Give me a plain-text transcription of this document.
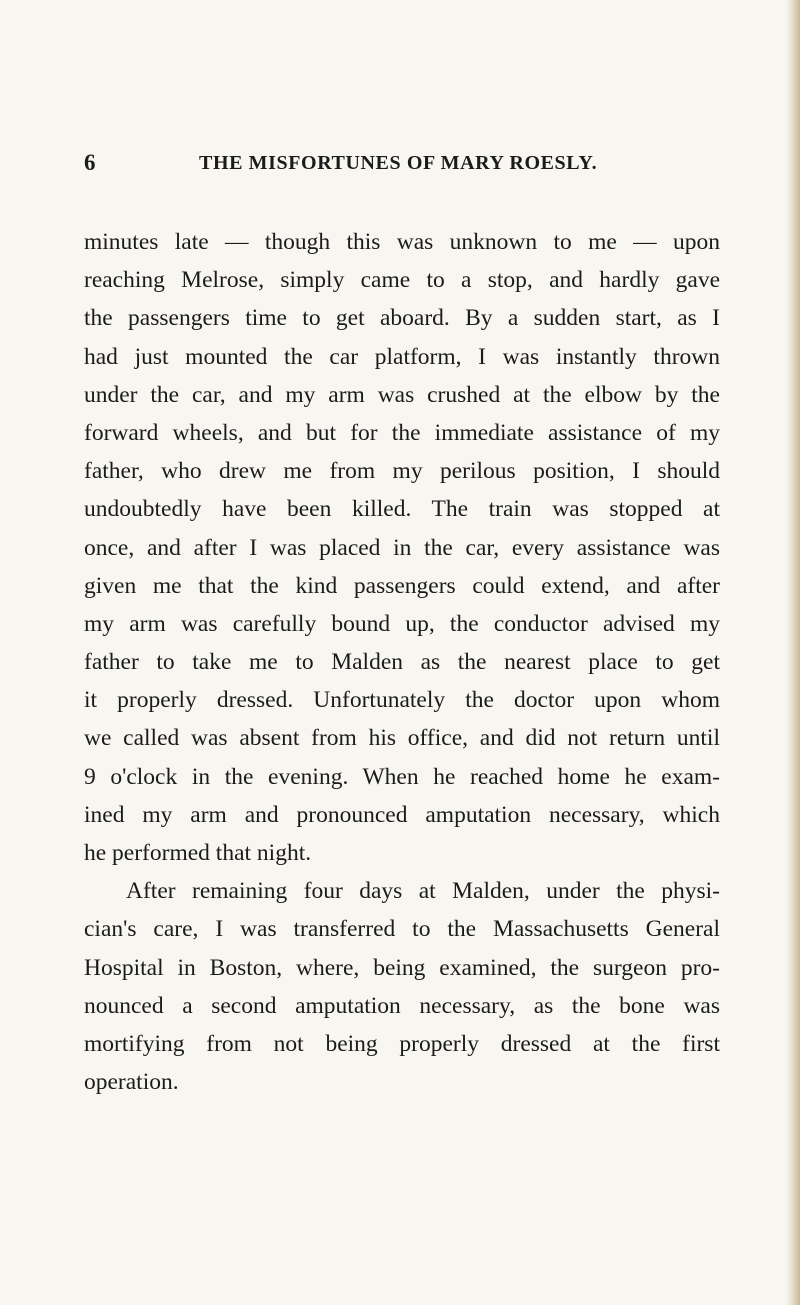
6	THE MISFORTUNES OF MARY ROESLY.
minutes late — though this was unknown to me — upon
reaching Melrose, simply came to a stop, and hardly gave
the passengers time to get aboard. By a sudden start, as I
had just mounted the car platform, I was instantly thrown
under the car, and my arm was crushed at the elbow by the
forward wheels, and but for the immediate assistance of my
father, who drew me from my perilous position, I should
undoubtedly have been killed. The train was stopped at
once, and after I was placed in the car, every assistance was
given me that the kind passengers could extend, and after
my arm was carefully bound up, the conductor advised my
father to take me to Malden as the nearest place to get
it properly dressed. Unfortunately the doctor upon whom
we called was absent from his office, and did not return until
9 o'clock in the evening. When he reached home he exam-
ined my arm and pronounced amputation necessary, which
he performed that night.
After remaining four days at Malden, under the physi-
cian's care, I was transferred to the Massachusetts General
Hospital in Boston, where, being examined, the surgeon pro-
nounced a second amputation necessary, as the bone was
mortifying from not being properly dressed at the first
operation.
